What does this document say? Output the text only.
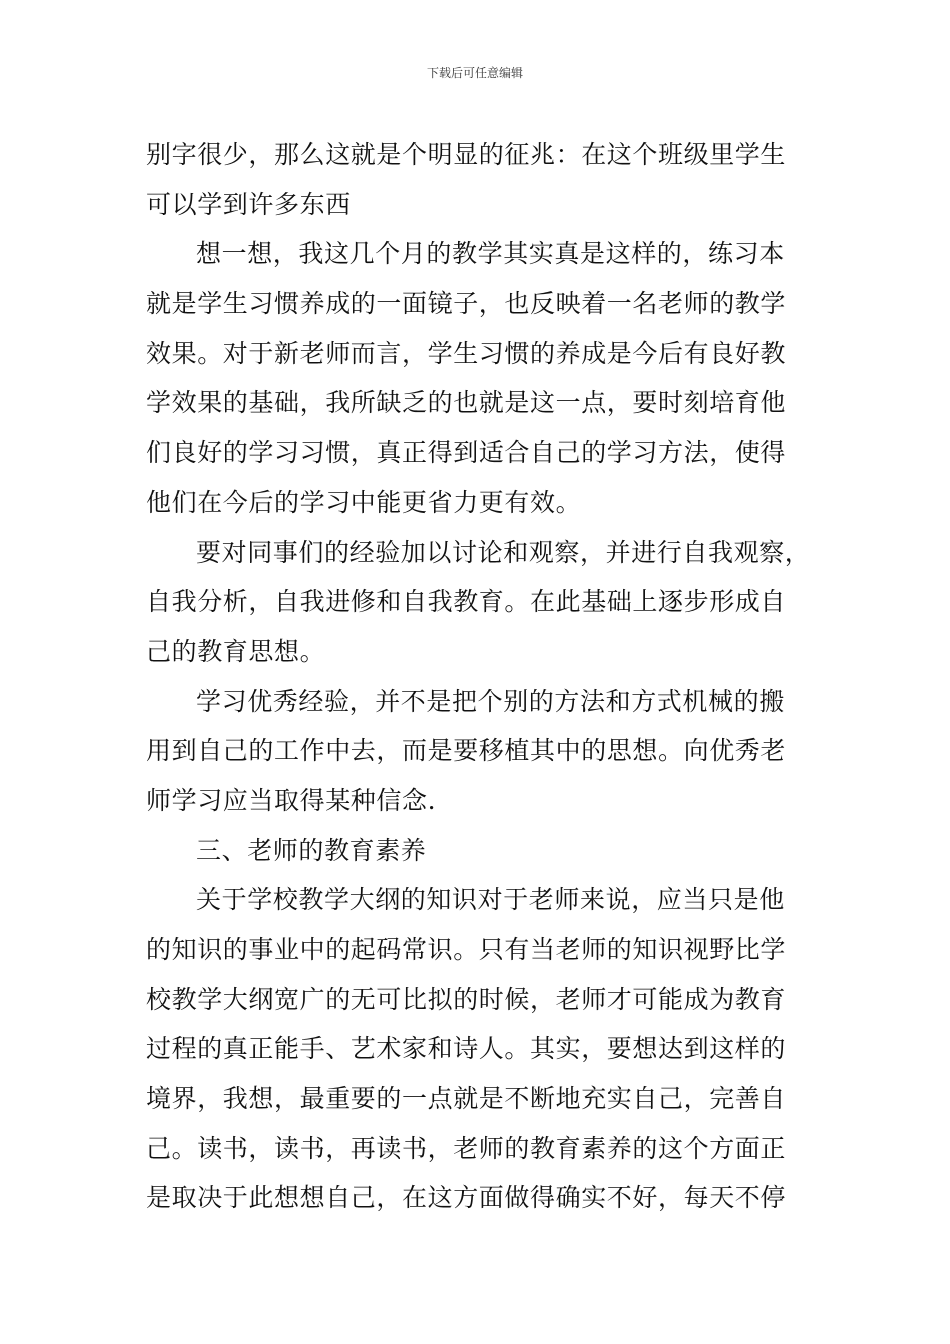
下载后可任意编辑
别字很少，那么这就是个明显的征兆：在这个班级里学生
可以学到许多东西
想一想，我这几个月的教学其实真是这样的，练习本
就是学生习惯养成的一面镜子，也反映着一名老师的教学
效果。对于新老师而言，学生习惯的养成是今后有良好教
学效果的基础，我所缺乏的也就是这一点，要时刻培育他
们良好的学习习惯，真正得到适合自己的学习方法，使得
他们在今后的学习中能更省力更有效。
要对同事们的经验加以讨论和观察，并进行自我观察，
自我分析，自我进修和自我教育。在此基础上逐步形成自
己的教育思想。
学习优秀经验，并不是把个别的方法和方式机械的搬
用到自己的工作中去，而是要移植其中的思想。向优秀老
师学习应当取得某种信念.
三、老师的教育素养
关于学校教学大纲的知识对于老师来说，应当只是他
的知识的事业中的起码常识。只有当老师的知识视野比学
校教学大纲宽广的无可比拟的时候，老师才可能成为教育
过程的真正能手、艺术家和诗人。其实，要想达到这样的
境界，我想，最重要的一点就是不断地充实自己，完善自
己。读书，读书，再读书，老师的教育素养的这个方面正
是取决于此想想自己，在这方面做得确实不好，每天不停
